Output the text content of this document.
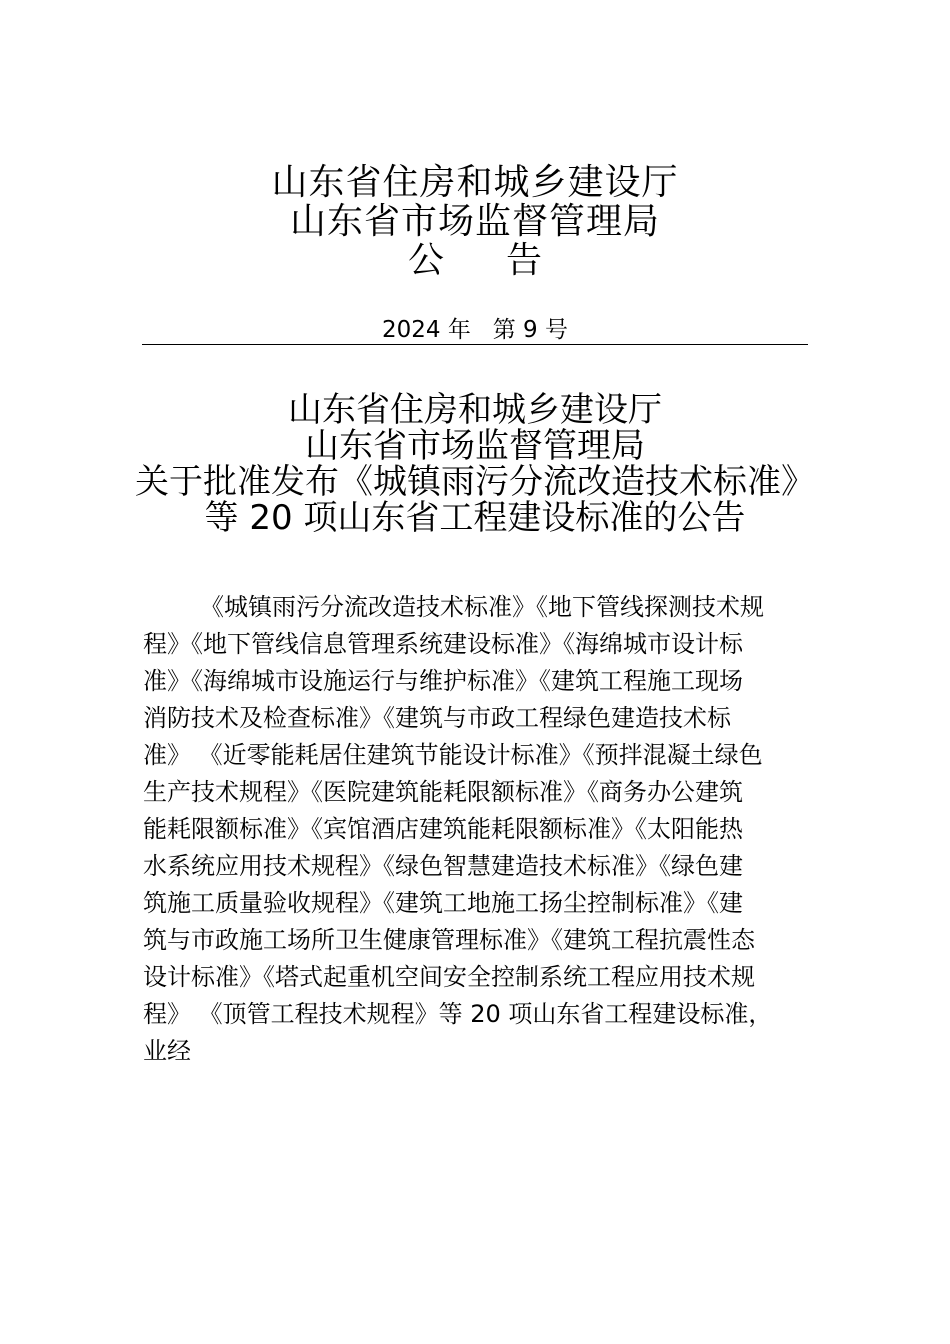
山东省住房和城乡建设厅
山东省市场监督管理局
公告
2024 年   第 9 号
山东省住房和城乡建设厅
山东省市场监督管理局
关于批准发布《城镇雨污分流改造技术标准》
等 20 项山东省工程建设标准的公告
《城镇雨污分流改造技术标准》《地下管线探测技术规
程》《地下管线信息管理系统建设标准》《海绵城市设计标
准》《海绵城市设施运行与维护标准》《建筑工程施工现场
消防技术及检查标准》《建筑与市政工程绿色建造技术标
准》 《近零能耗居住建筑节能设计标准》《预拌混凝土绿色
生产技术规程》《医院建筑能耗限额标准》《商务办公建筑
能耗限额标准》《宾馆酒店建筑能耗限额标准》《太阳能热
水系统应用技术规程》《绿色智慧建造技术标准》《绿色建
筑施工质量验收规程》《建筑工地施工扬尘控制标准》《建
筑与市政施工场所卫生健康管理标准》《建筑工程抗震性态
设计标准》《塔式起重机空间安全控制系统工程应用技术规
程》 《顶管工程技术规程》等 20 项山东省工程建设标准，
业经
